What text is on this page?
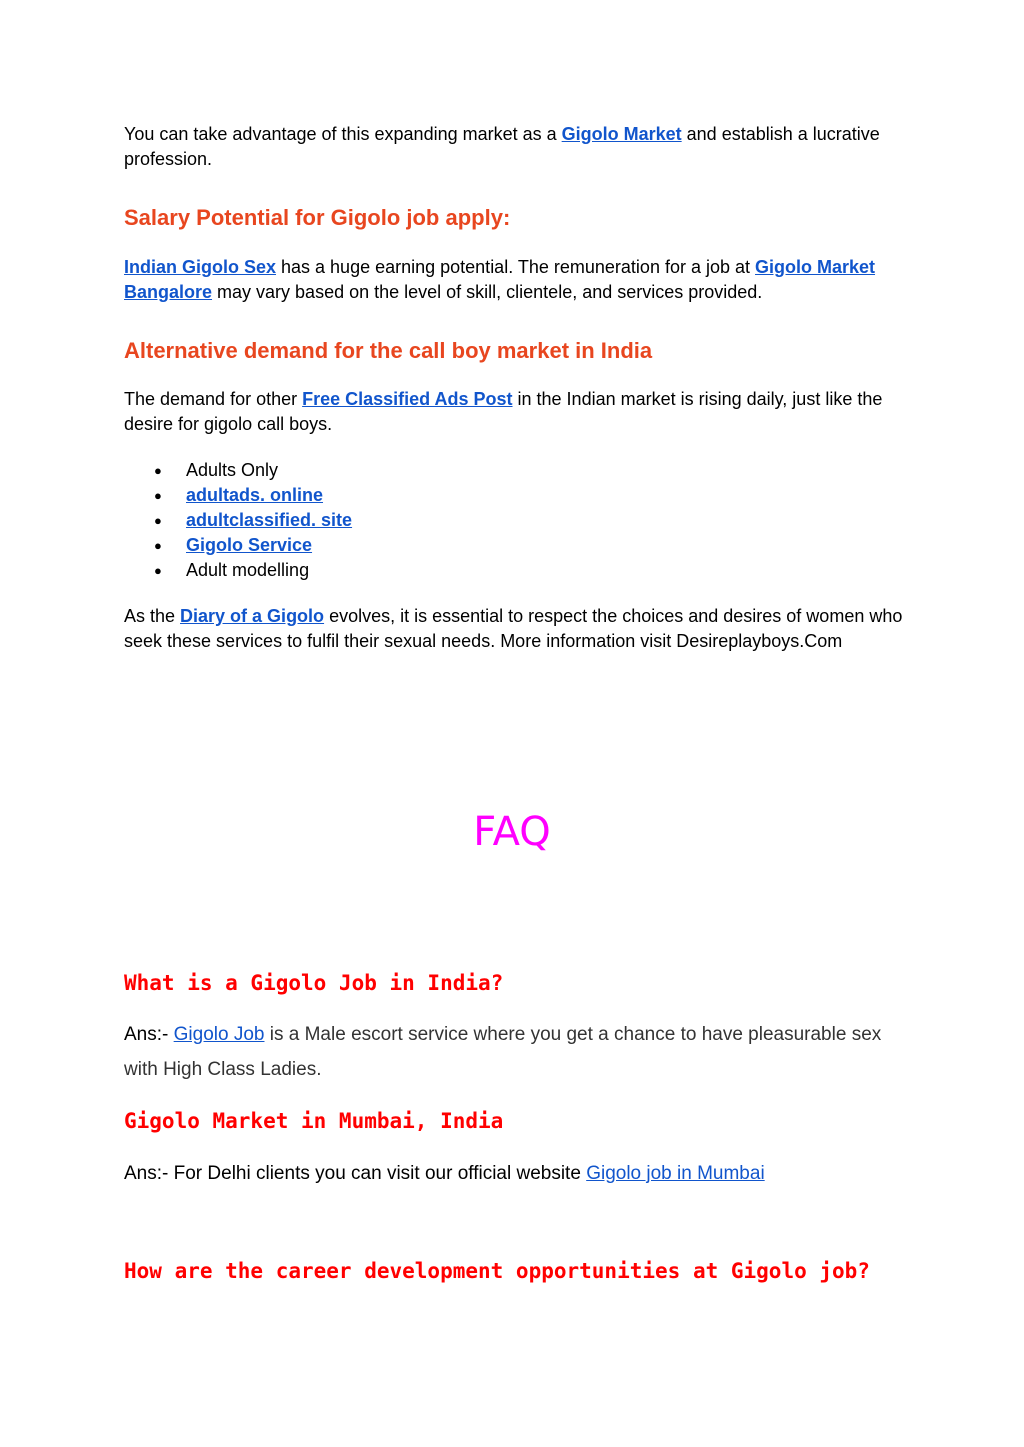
You can take advantage of this expanding market as a Gigolo Market and establish a lucrative profession.
Salary Potential for Gigolo job apply:
Indian Gigolo Sex has a huge earning potential. The remuneration for a job at Gigolo Market Bangalore may vary based on the level of skill, clientele, and services provided.
Alternative demand for the call boy market in India
The demand for other Free Classified Ads Post in the Indian market is rising daily, just like the desire for gigolo call boys.
● Adults Only
● adultads. online
● adultclassified. site
● Gigolo Service
● Adult modelling
As the Diary of a Gigolo evolves, it is essential to respect the choices and desires of women who seek these services to fulfil their sexual needs. More information visit Desireplayboys.Com
FAQ
What is a Gigolo Job in India?
Ans:- Gigolo Job is a Male escort service where you get a chance to have pleasurable sex with High Class Ladies.
Gigolo Market in Mumbai, India
Ans:- For Delhi clients you can visit our official website Gigolo job in Mumbai
How are the career development opportunities at Gigolo job?
